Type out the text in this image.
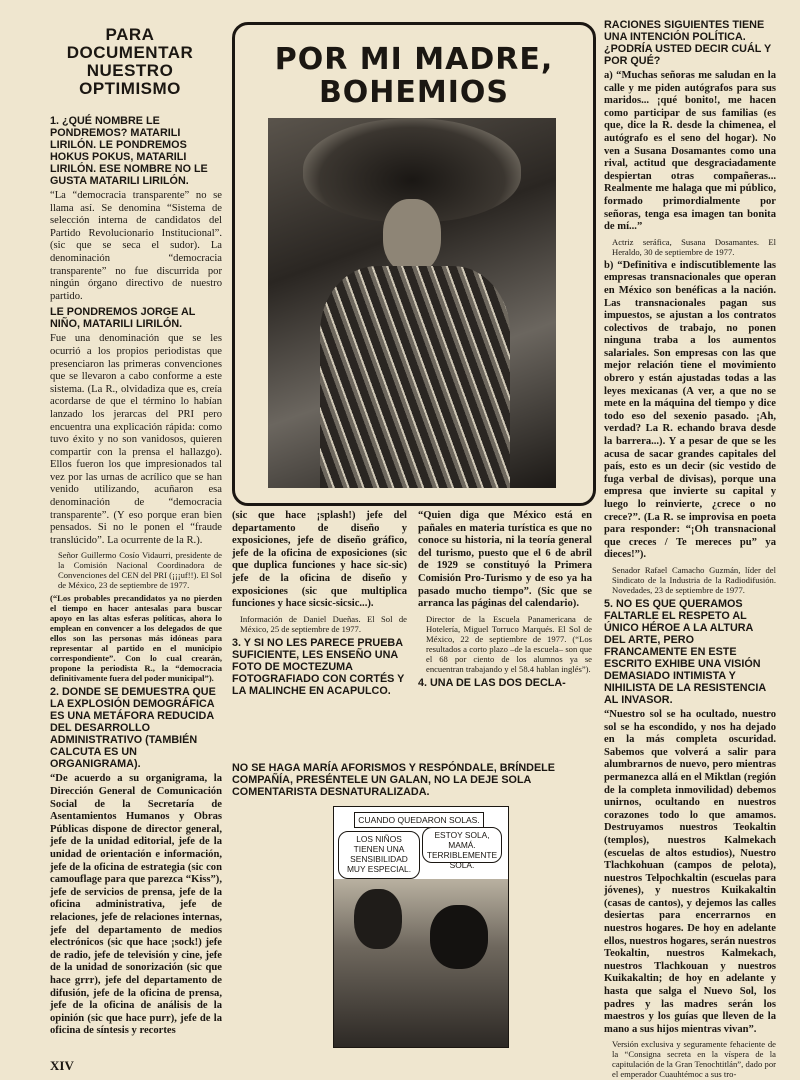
PARA
DOCUMENTAR
NUESTRO
OPTIMISMO

1. ¿QUÉ NOMBRE LE PONDREMOS? MATARILI LIRILÓN. LE PONDREMOS HOKUS POKUS, MATARILI LIRILÓN. ESE NOMBRE NO LE GUSTA MATARILI LIRILÓN.

“La “democracia transparente” no se llama así. Se denomina “Sistema de selección interna de candidatos del Partido Revolucionario Institucional”. (sic que se seca el sudor). La denominación “democracia transparente” no fue discurrida por ningún órgano directivo de nuestro partido.

LE PONDREMOS JORGE AL NIÑO, MATARILI LIRILÓN.

Fue una denominación que se les ocurrió a los propios periodistas que presenciaron las primeras convenciones que se llevaron a cabo conforme a este sistema. (La R., olvidadiza que es, creía acordarse de que el término lo habían lanzado los jerarcas del PRI pero encuentra una explicación rápida: como tuvo éxito y no son vanidosos, quieren compartir con la prensa el hallazgo). Ellos fueron los que impresionados tal vez por las urnas de acrílico que se han venido utilizando, acuñaron esa denominación de “democracia transparente”. (Y eso porque eran bien pensados. Si no le ponen el “fraude translúcido”. La ocurrente de la R.).

Señor Guillermo Cosío Vidaurri, presidente de la Comisión Nacional Coordinadora de Convenciones del CEN del PRI (¡¡¡uf!!). El Sol de México, 23 de septiembre de 1977.

(“Los probables precandidatos ya no pierden el tiempo en hacer antesalas para buscar apoyo en las altas esferas políticas, ahora lo emplean en convencer a los delegados de que ellos son las personas más idóneas para representar al partido en el municipio correspondiente”. Con lo cual crearán, propone la periodista R., la “democracia definitivamente fuera del poder municipal”).

2. DONDE SE DEMUESTRA QUE LA EXPLOSIÓN DEMOGRÁFICA ES UNA METÁFORA REDUCIDA DEL DESARROLLO ADMINISTRATIVO (TAMBIÉN CALCUTA ES UN ORGANIGRAMA).

“De acuerdo a su organigrama, la Dirección General de Comunicación Social de la Secretaría de Asentamientos Humanos y Obras Públicas dispone de director general, jefe de la unidad editorial, jefe de la unidad de orientación e información, jefe de la oficina de estrategia (sic con camouflage para que parezca “Kiss”), jefe de servicios de prensa, jefe de la oficina administrativa, jefe de relaciones, jefe de relaciones internas, jefe del departamento de medios electrónicos (sic que hace ¡sock!) jefe de radio, jefe de televisión y cine, jefe de la unidad de sonorización (sic que hace grrr), jefe del departamento de difusión, jefe de la oficina de prensa, jefe de la oficina de análisis de la opinión (sic que hace purr), jefe de la oficina de síntesis y recortes

POR MI MADRE,
BOHEMIOS

(sic que hace ¡splash!) jefe del departamento de diseño y exposiciones, jefe de diseño gráfico, jefe de la oficina de exposiciones (sic que duplica funciones y hace sic-sic) jefe de la oficina de diseño y exposiciones (sic que multiplica funciones y hace sicsic-sicsic...).

Información de Daniel Dueñas. El Sol de México, 25 de septiembre de 1977.

3. Y SI NO LES PARECE PRUEBA SUFICIENTE, LES ENSEÑO UNA FOTO DE MOCTEZUMA FOTOGRAFIADO CON CORTÉS Y LA MALINCHE EN ACAPULCO.

“Quien diga que México está en pañales en materia turística es que no conoce su historia, ni la teoría general del turismo, puesto que el 6 de abril de 1929 se constituyó la Primera Comisión Pro-Turismo y de eso ya ha pasado mucho tiempo”. (Sic que se arranca las páginas del calendario).

Director de la Escuela Panamericana de Hotelería, Miguel Torruco Marqués. El Sol de México, 22 de septiembre de 1977. (“Los resultados a corto plazo –de la escuela– son que el 68 por ciento de los alumnos ya se encuentran trabajando y el 58.4 hablan inglés”).

4. UNA DE LAS DOS DECLA-

NO SE HAGA MARÍA AFORISMOS Y RESPÓNDALE, BRÍNDELE COMPAÑÍA, PRESÉNTELE UN GALAN, NO LA DEJE SOLA COMENTARISTA DESNATURALIZADA.

CUANDO QUEDARON SOLAS.
LOS NIÑOS TIENEN UNA SENSIBILIDAD MUY ESPECIAL.
ESTOY SOLA, MAMÁ. TERRIBLEMENTE SOLA.

RACIONES SIGUIENTES TIENE UNA INTENCIÓN POLÍTICA. ¿PODRÍA USTED DECIR CUÁL Y POR QUÉ?

a) “Muchas señoras me saludan en la calle y me piden autógrafos para sus maridos... ¡qué bonito!, me hacen como participar de sus familias (es que, dice la R. desde la chimenea, el autógrafo es el seno del hogar). No ven a Susana Dosamantes como una rival, actitud que desgraciadamente despiertan otras compañeras... Realmente me halaga que mi público, formado primordialmente por señoras, tenga esa imagen tan bonita de mí...”

Actriz seráfica, Susana Dosamantes. El Heraldo, 30 de septiembre de 1977.

b) “Definitiva e indiscutiblemente las empresas transnacionales que operan en México son benéficas a la nación. Las transnacionales pagan sus impuestos, se ajustan a los contratos colectivos de trabajo, no ponen ninguna traba a los aumentos salariales. Son empresas con las que mejor relación tiene el movimiento obrero y están ajustadas todas a las leyes mexicanas (A ver, a que no se mete en la máquina del tiempo y dice todo eso del sexenio pasado. ¡Ah, verdad? La R. echando brava desde la barrera...). Y a pesar de que se les acusa de sacar grandes capitales del país, esto es un decir (sic vestido de fuga verbal de divisas), porque una empresa que invierte su capital y luego lo reinvierte, ¿crece o no crece?”. (La R. se improvisa en poeta para responder: “¡Oh transnacional que creces / Te mereces pu” ya dieces!”).

Senador Rafael Camacho Guzmán, líder del Sindicato de la Industria de la Radiodifusión. Novedades, 23 de septiembre de 1977.

5. NO ES QUE QUERAMOS FALTARLE EL RESPETO AL ÚNICO HÉROE A LA ALTURA DEL ARTE, PERO FRANCAMENTE EN ESTE ESCRITO EXHIBE UNA VISIÓN DEMASIADO INTIMISTA Y NIHILISTA DE LA RESISTENCIA AL INVASOR.

“Nuestro sol se ha ocultado, nuestro sol se ha escondido, y nos ha dejado en la más completa oscuridad. Sabemos que volverá a salir para alumbrarnos de nuevo, pero mientras permanezca allá en el Miktlan (región de la completa inmovilidad) debemos unirnos, ocultando en nuestros corazones todo lo que amamos. Destruyamos nuestros Teokaltin (templos), nuestros Kalmekach (escuelas de altos estudios), Nuestro Tlachkohuan (campos de pelota), nuestros Telpochkaltin (escuelas para jóvenes), y nuestros Kuikakaltin (casas de cantos), y dejemos las calles desiertas para encerrarnos en nuestros hogares. De hoy en adelante ellos, nuestros hogares, serán nuestros Teokaltin, nuestros Kalmekach, nuestros Tlachkouan y nuestros Kuikakaltin; de hoy en adelante y hasta que salga el Nuevo Sol, los padres y las madres serán los maestros y los guías que lleven de la mano a sus hijos mientras vivan”.

Versión exclusiva y seguramente fehaciente de la “Consigna secreta en la víspera de la capitulación de la Gran Tenochtitlán”, dado por el emperador Cuauhtémoc a sus tro-

XIV
